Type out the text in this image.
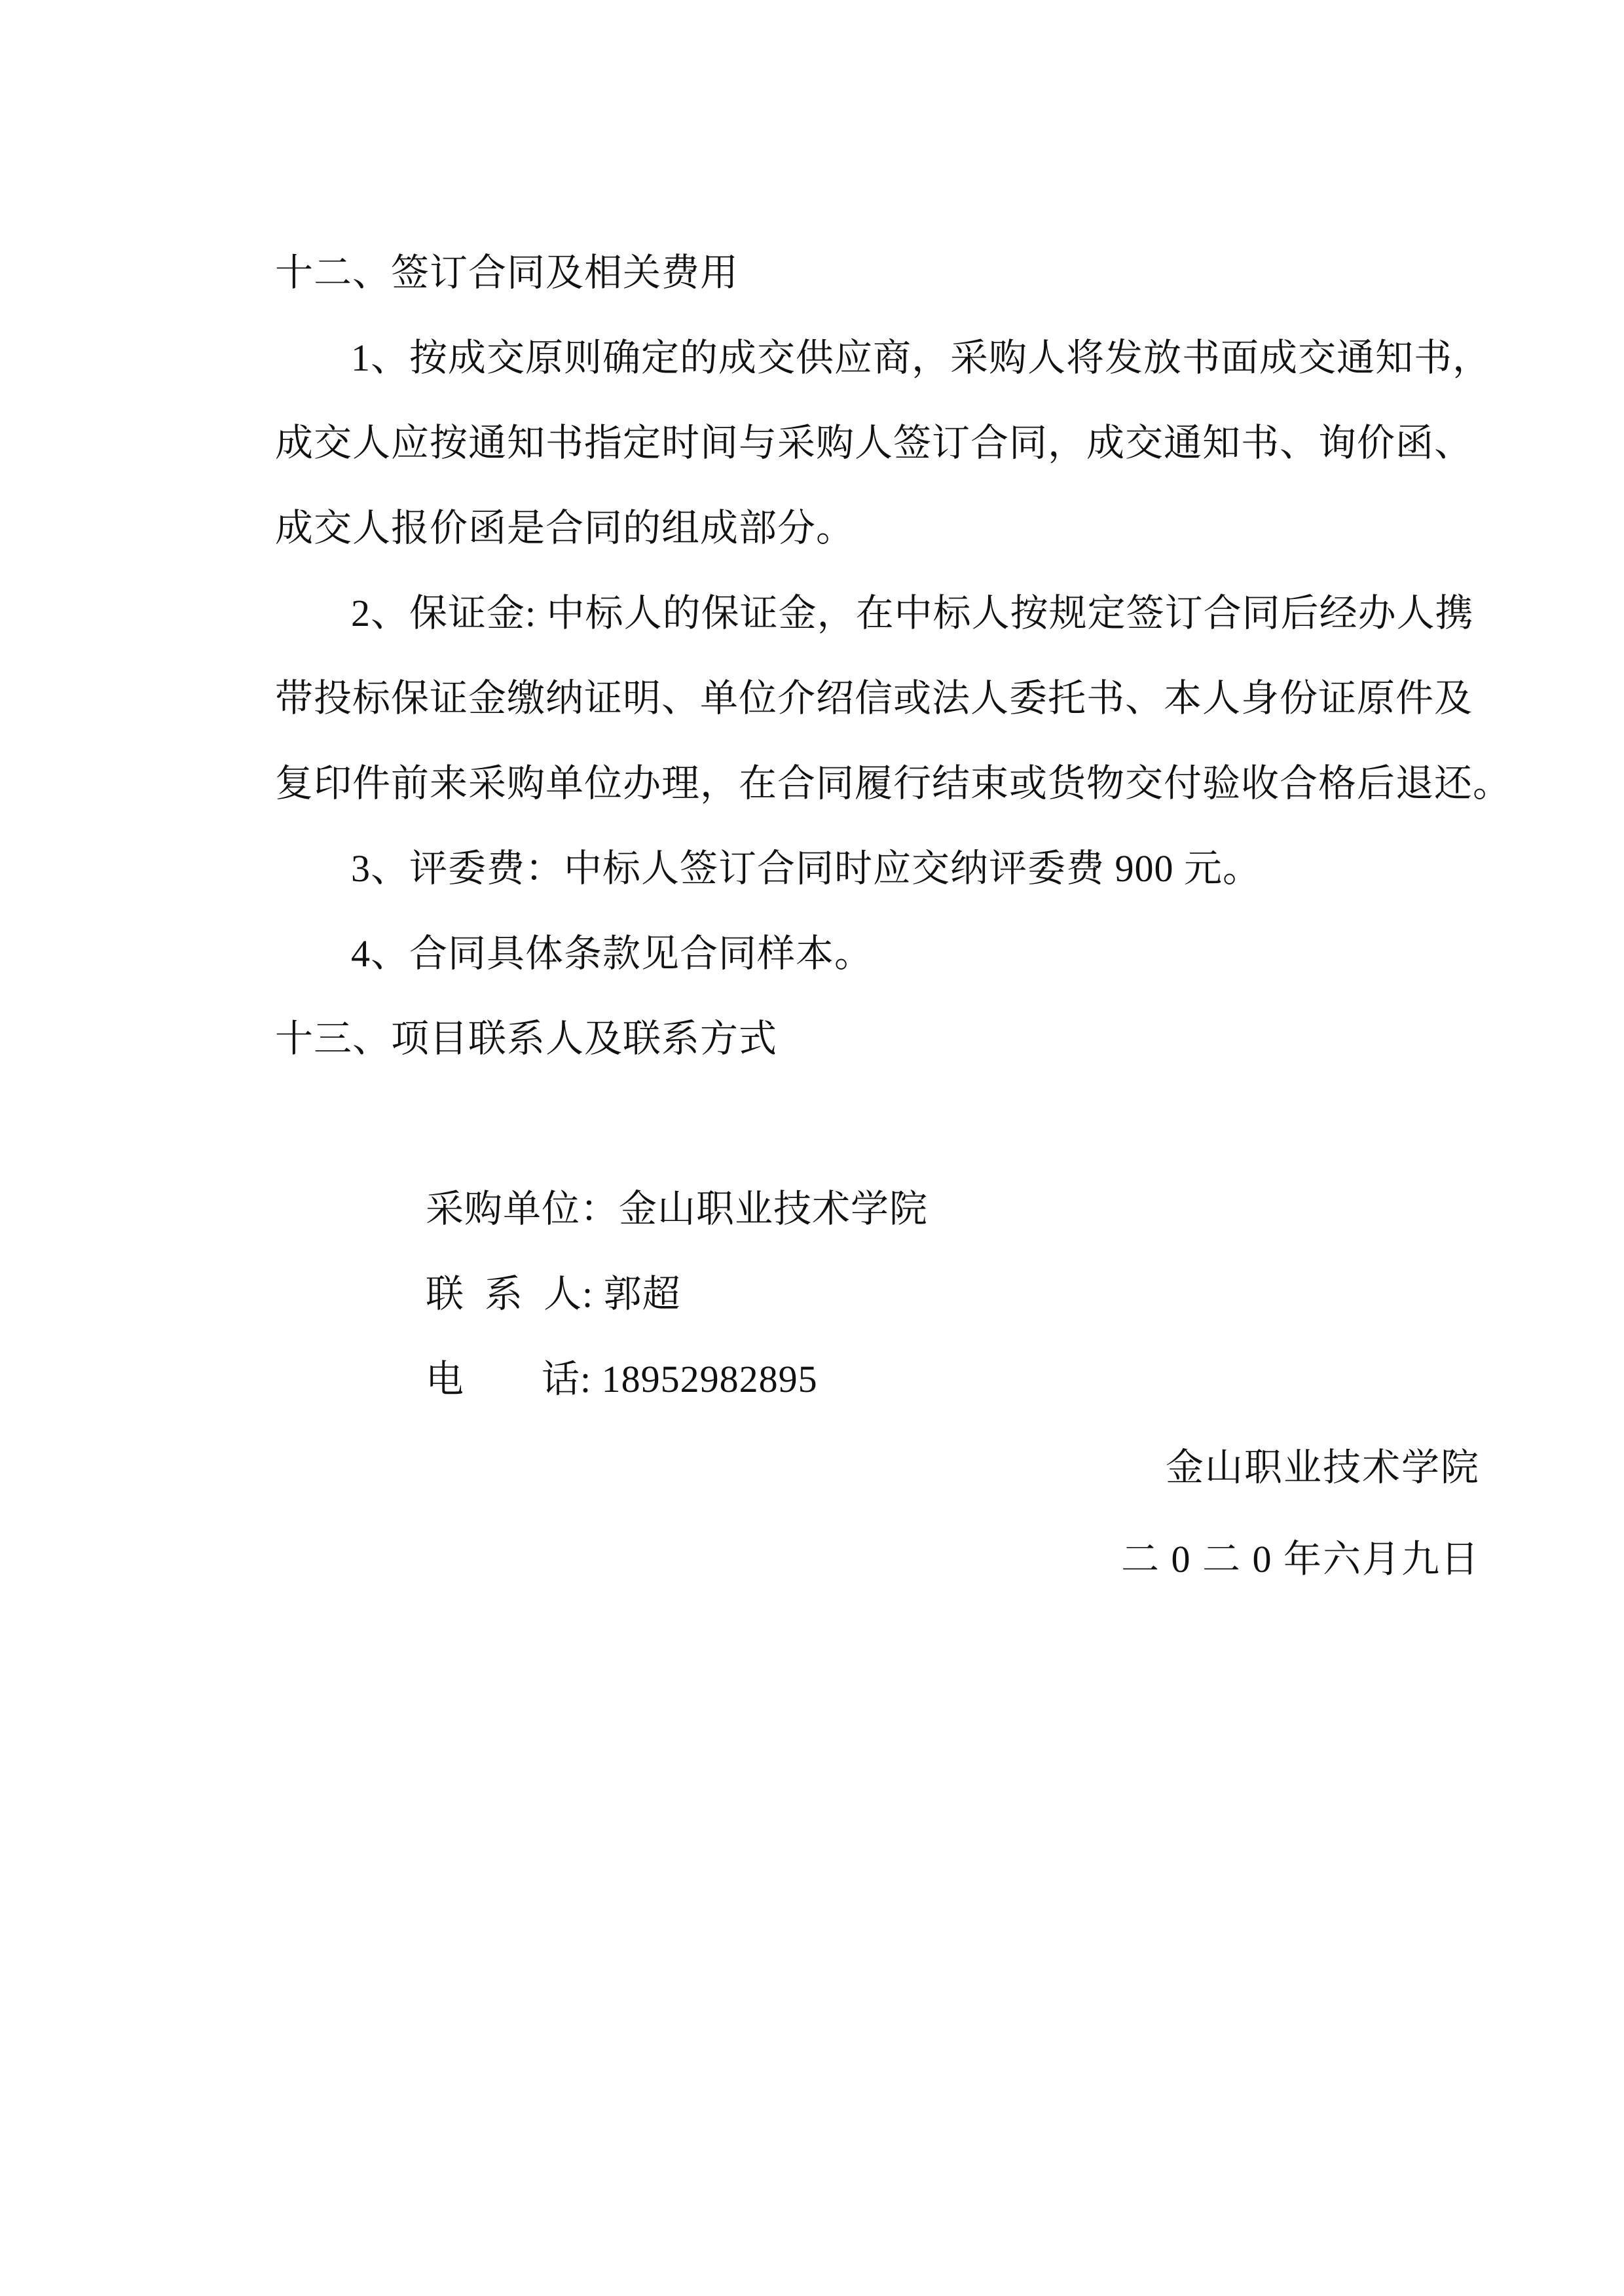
十二、签订合同及相关费用
1、按成交原则确定的成交供应商，采购人将发放书面成交通知书，
成交人应按通知书指定时间与采购人签订合同，成交通知书、询价函、
成交人报价函是合同的组成部分。
2、保证金: 中标人的保证金，在中标人按规定签订合同后经办人携
带投标保证金缴纳证明、单位介绍信或法人委托书、本人身份证原件及
复印件前来采购单位办理，在合同履行结束或货物交付验收合格后退还。
3、评委费：中标人签订合同时应交纳评委费 900 元。
4、合同具体条款见合同样本。
十三、项目联系人及联系方式

采购单位：金山职业技术学院

联  系  人: 郭超

电　　话: 18952982895

金山职业技术学院
二 0 二 0 年六月九日
